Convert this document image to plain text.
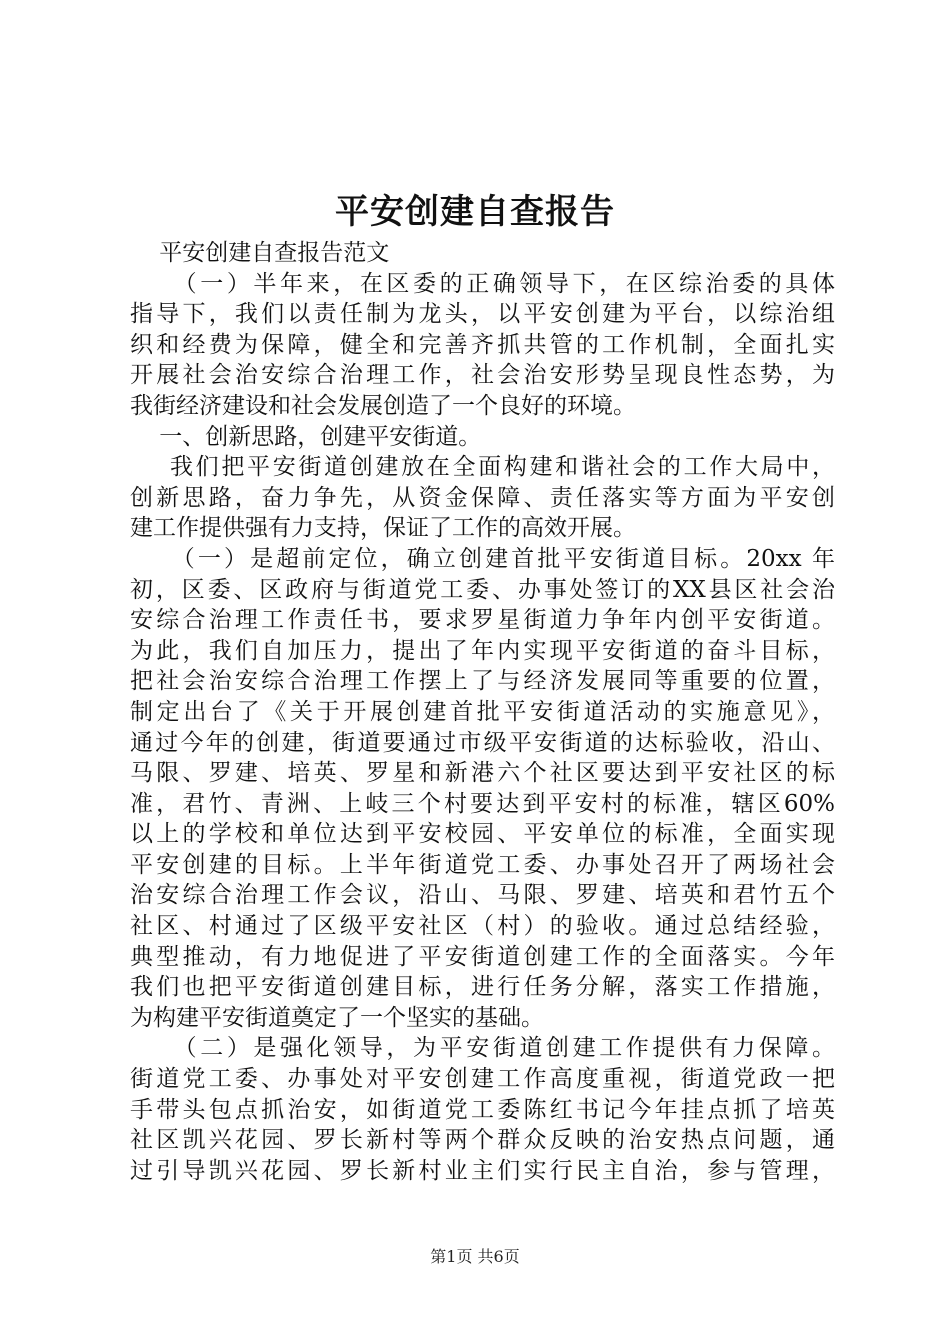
平安创建自查报告
平安创建自查报告范文
（一）半年来，在区委的正确领导下，在区综治委的具体
指导下，我们以责任制为龙头，以平安创建为平台，以综治组
织和经费为保障，健全和完善齐抓共管的工作机制，全面扎实
开展社会治安综合治理工作，社会治安形势呈现良性态势，为
我街经济建设和社会发展创造了一个良好的环境。
一、创新思路，创建平安街道。
我们把平安街道创建放在全面构建和谐社会的工作大局中，
创新思路，奋力争先，从资金保障、责任落实等方面为平安创
建工作提供强有力支持，保证了工作的高效开展。
（一）是超前定位，确立创建首批平安街道目标。20xx 年
初，区委、区政府与街道党工委、办事处签订的XX县区社会治
安综合治理工作责任书，要求罗星街道力争年内创平安街道。
为此，我们自加压力，提出了年内实现平安街道的奋斗目标，
把社会治安综合治理工作摆上了与经济发展同等重要的位置，
制定出台了《关于开展创建首批平安街道活动的实施意见》，
通过今年的创建，街道要通过市级平安街道的达标验收，沿山、
马限、罗建、培英、罗星和新港六个社区要达到平安社区的标
准，君竹、青洲、上岐三个村要达到平安村的标准，辖区60%
以上的学校和单位达到平安校园、平安单位的标准，全面实现
平安创建的目标。上半年街道党工委、办事处召开了两场社会
治安综合治理工作会议，沿山、马限、罗建、培英和君竹五个
社区、村通过了区级平安社区（村）的验收。通过总结经验，
典型推动，有力地促进了平安街道创建工作的全面落实。今年
我们也把平安街道创建目标，进行任务分解，落实工作措施，
为构建平安街道奠定了一个坚实的基础。
（二）是强化领导，为平安街道创建工作提供有力保障。
街道党工委、办事处对平安创建工作高度重视，街道党政一把
手带头包点抓治安，如街道党工委陈红书记今年挂点抓了培英
社区凯兴花园、罗长新村等两个群众反映的治安热点问题，通
过引导凯兴花园、罗长新村业主们实行民主自治，参与管理，
第1页 共6页
